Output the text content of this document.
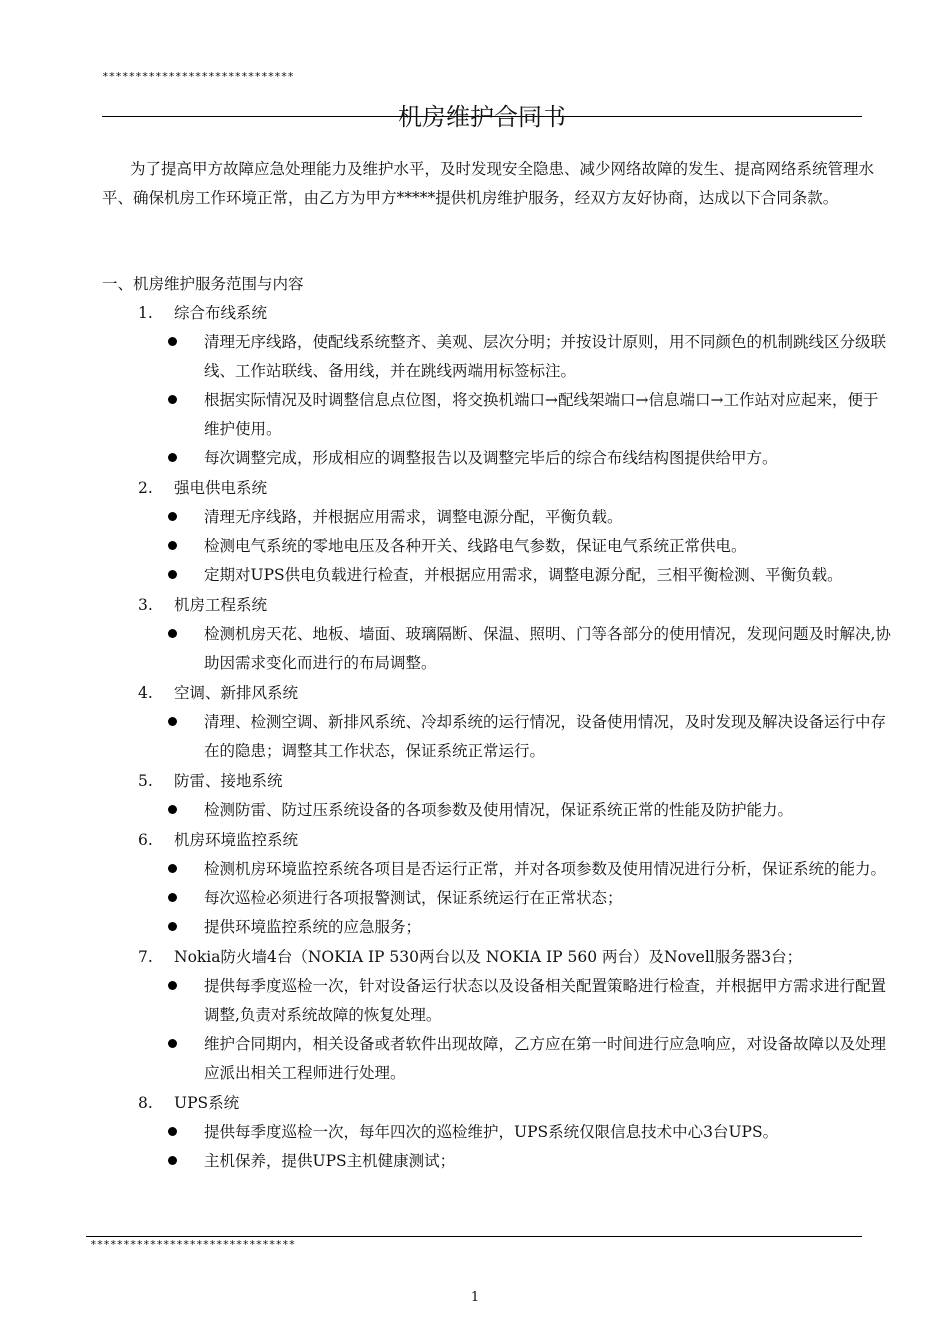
*****************************
机房维护合同书
为了提高甲方故障应急处理能力及维护水平，及时发现安全隐患、减少网络故障的发生、提高网络系统管理水平、确保机房工作环境正常，由乙方为甲方*****提供机房维护服务，经双方友好协商，达成以下合同条款。
一、机房维护服务范围与内容
1.	综合布线系统
清理无序线路，使配线系统整齐、美观、层次分明；并按设计原则，用不同颜色的机制跳线区分级联线、工作站联线、备用线，并在跳线两端用标签标注。
根据实际情况及时调整信息点位图，将交换机端口→配线架端口→信息端口→工作站对应起来，便于维护使用。
每次调整完成，形成相应的调整报告以及调整完毕后的综合布线结构图提供给甲方。
2.	强电供电系统
清理无序线路，并根据应用需求，调整电源分配，平衡负载。
检测电气系统的零地电压及各种开关、线路电气参数，保证电气系统正常供电。
定期对UPS供电负载进行检查，并根据应用需求，调整电源分配，三相平衡检测、平衡负载。
3.	机房工程系统
检测机房天花、地板、墙面、玻璃隔断、保温、照明、门等各部分的使用情况，发现问题及时解决,协助因需求变化而进行的布局调整。
4.	空调、新排风系统
清理、检测空调、新排风系统、冷却系统的运行情况，设备使用情况，及时发现及解决设备运行中存在的隐患；调整其工作状态，保证系统正常运行。
5.	防雷、接地系统
检测防雷、防过压系统设备的各项参数及使用情况，保证系统正常的性能及防护能力。
6.	机房环境监控系统
检测机房环境监控系统各项目是否运行正常，并对各项参数及使用情况进行分析，保证系统的能力。
每次巡检必须进行各项报警测试，保证系统运行在正常状态；
提供环境监控系统的应急服务；
7.	Nokia防火墙4台（NOKIA IP 530两台以及 NOKIA IP 560 两台）及Novell服务器3台；
提供每季度巡检一次，针对设备运行状态以及设备相关配置策略进行检查，并根据甲方需求进行配置调整,负责对系统故障的恢复处理。
维护合同期内，相关设备或者软件出现故障，乙方应在第一时间进行应急响应，对设备故障以及处理应派出相关工程师进行处理。
8.	UPS系统
提供每季度巡检一次，每年四次的巡检维护，UPS系统仅限信息技术中心3台UPS。
主机保养，提供UPS主机健康测试；
*******************************
1
